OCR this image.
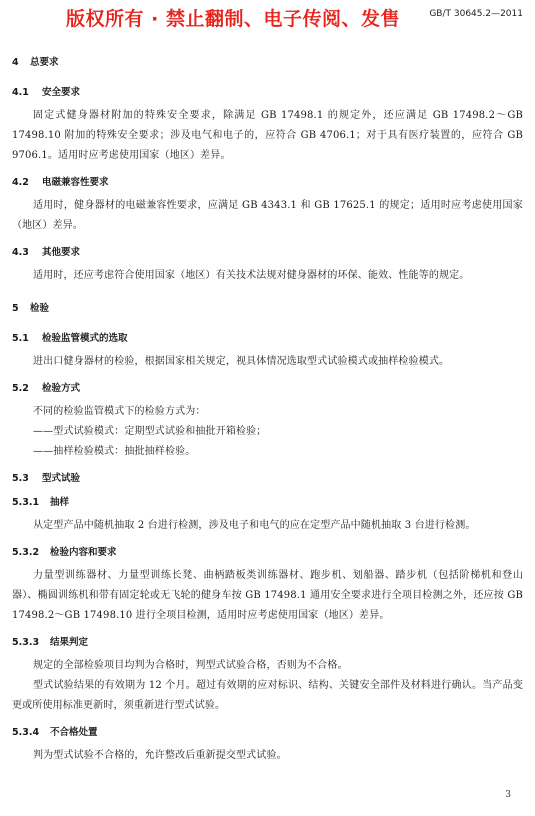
版权所有 · 禁止翻制、电子传阅、发售	GB/T 30645.2—2011

4 总要求

4.1 安全要求

固定式健身器材附加的特殊安全要求，除满足 GB 17498.1 的规定外，还应满足 GB 17498.2～GB 17498.10 附加的特殊安全要求；涉及电气和电子的，应符合 GB 4706.1；对于具有医疗装置的，应符合 GB 9706.1。适用时应考虑使用国家（地区）差异。

4.2 电磁兼容性要求

适用时，健身器材的电磁兼容性要求，应满足 GB 4343.1 和 GB 17625.1 的规定；适用时应考虑使用国家（地区）差异。

4.3 其他要求

适用时，还应考虑符合使用国家（地区）有关技术法规对健身器材的环保、能效、性能等的规定。

5 检验

5.1 检验监管模式的选取

进出口健身器材的检验，根据国家相关规定，视具体情况选取型式试验模式或抽样检验模式。

5.2 检验方式

不同的检验监管模式下的检验方式为：

——型式试验模式：定期型式试验和抽批开箱检验；

——抽样检验模式：抽批抽样检验。

5.3 型式试验

5.3.1 抽样

从定型产品中随机抽取 2 台进行检测，涉及电子和电气的应在定型产品中随机抽取 3 台进行检测。

5.3.2 检验内容和要求

力量型训练器材、力量型训练长凳、曲柄踏板类训练器材、跑步机、划船器、踏步机（包括阶梯机和登山器）、椭圆训练机和带有固定轮或无飞轮的健身车按 GB 17498.1 通用安全要求进行全项目检测之外，还应按 GB 17498.2～GB 17498.10 进行全项目检测，适用时应考虑使用国家（地区）差异。

5.3.3 结果判定

规定的全部检验项目均判为合格时，判型式试验合格，否则为不合格。

型式试验结果的有效期为 12 个月。超过有效期的应对标识、结构、关键安全部件及材料进行确认。当产品变更或所使用标准更新时，须重新进行型式试验。

5.3.4 不合格处置

判为型式试验不合格的，允许整改后重新提交型式试验。

3
